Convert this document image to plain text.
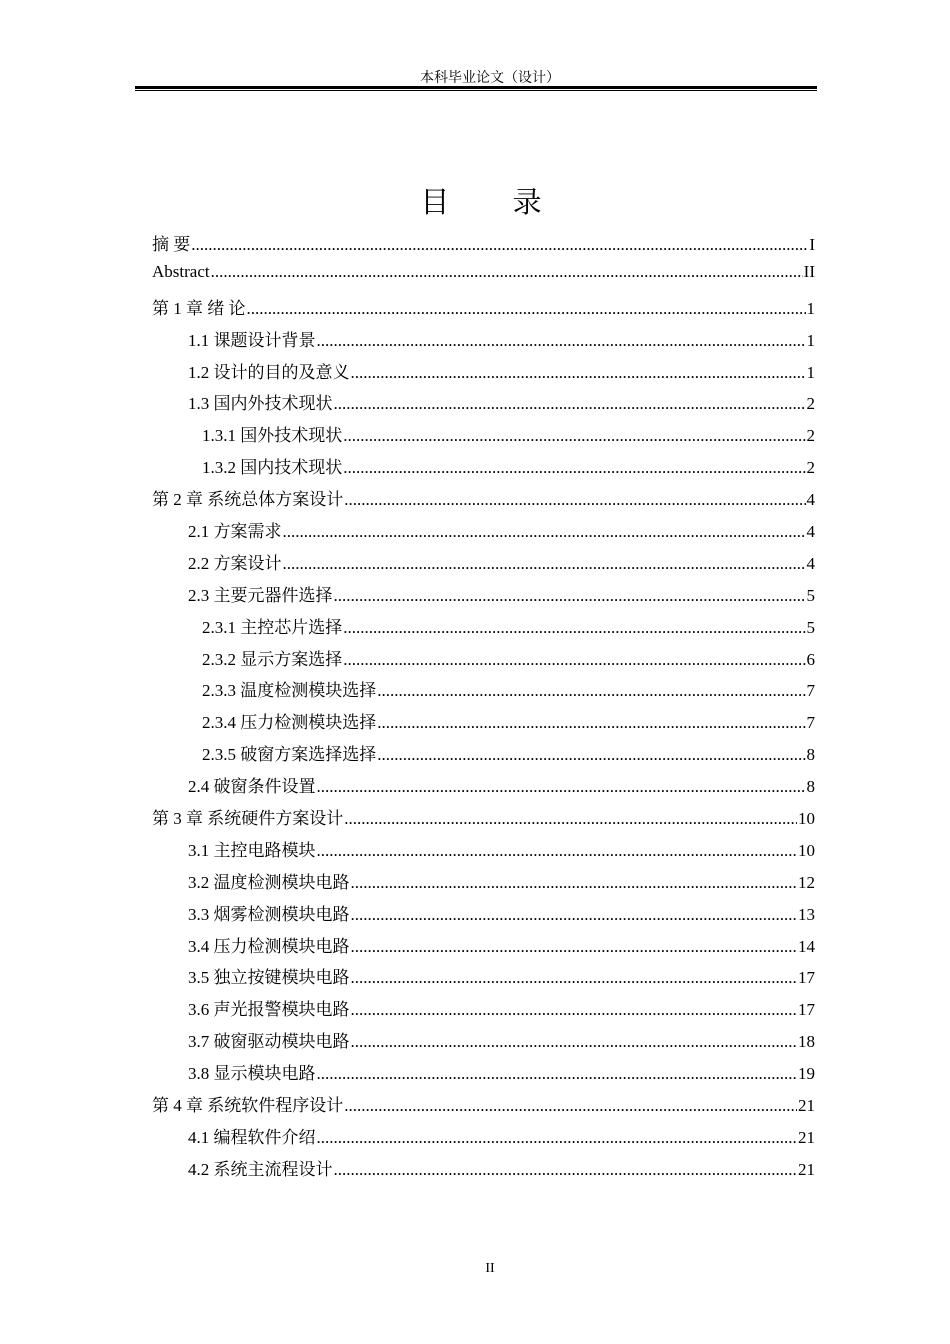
本科毕业论文（设计）
目 录
摘 要 .....	I
Abstract .....	II
第 1 章 绪 论 .....	1
1.1 课题设计背景 .....	1
1.2 设计的目的及意义 .....	1
1.3 国内外技术现状 .....	2
1.3.1 国外技术现状 .....	2
1.3.2 国内技术现状 .....	2
第 2 章 系统总体方案设计 .....	4
2.1 方案需求 .....	4
2.2 方案设计 .....	4
2.3 主要元器件选择 .....	5
2.3.1 主控芯片选择 .....	5
2.3.2 显示方案选择 .....	6
2.3.3 温度检测模块选择 .....	7
2.3.4 压力检测模块选择 .....	7
2.3.5 破窗方案选择选择 .....	8
2.4 破窗条件设置 .....	8
第 3 章 系统硬件方案设计 .....	10
3.1 主控电路模块 .....	10
3.2 温度检测模块电路 .....	12
3.3 烟雾检测模块电路 .....	13
3.4 压力检测模块电路 .....	14
3.5 独立按键模块电路 .....	17
3.6 声光报警模块电路 .....	17
3.7 破窗驱动模块电路 .....	18
3.8 显示模块电路 .....	19
第 4 章 系统软件程序设计 .....	21
4.1 编程软件介绍 .....	21
4.2 系统主流程设计 .....	21
II
